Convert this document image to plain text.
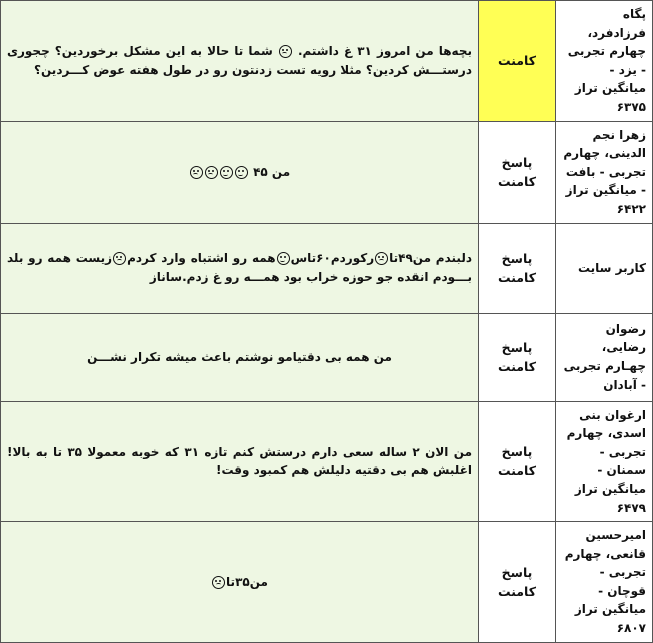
پگاه فرزادفرد، چهارم تجربی - یزد - میانگین تراز ۶۳۷۵	کامنت	بچه‌ها من امروز ۳۱ غ داشتم.  شما تا حالا به این مشکل برخوردین؟ چجوری درستـــش کردین؟ مثلا رویه تست زدنتون رو در طول هفته عوض کـــردین؟
زهرا نجم الدینی، چهارم تجربی - بافت - میانگین تراز ۶۴۲۲	پاسخ کامنت	من ۴۵
کاربر سایت	پاسخ کامنت	دلبندم من۴۹تارکوردم۶۰تاسهمه رو اشتباه وارد کردمزیست همه رو بلد بـــودم انقده جو حوزه خراب بود همـــه رو غ زدم.ساناز
رضوان رضایی، چهـارم تجربی - آبادان	پاسخ کامنت	من همه بی دقتیامو نوشتم باعث میشه تکرار نشـــن
ارغوان بنی اسدی، چهارم تجربی - سمنان - میانگین تراز ۶۴۷۹	پاسخ کامنت	من الان ۲ ساله سعی دارم درستش کنم تازه ۳۱ که خوبه معمولا ۳۵ تا به بالا! اغلبش هم بی دقتیه دلیلش هم کمبود وقت!
امیرحسین قانعی، چهارم تجربی - قوچان - میانگین تراز ۶۸۰۷	پاسخ کامنت	من۳۵تا
